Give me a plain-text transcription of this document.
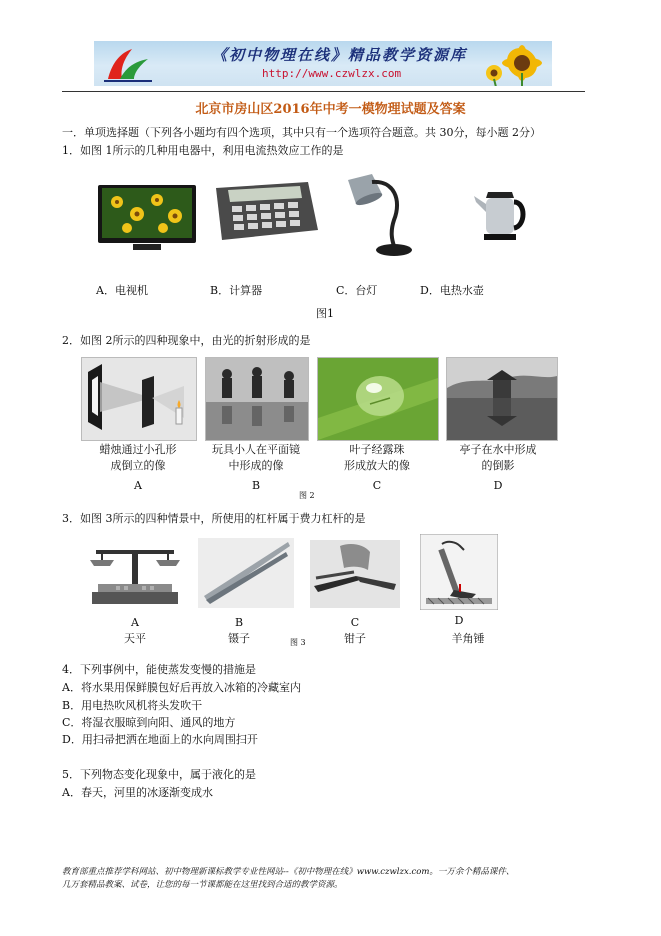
《初中物理在线》精品教学资源库
http://www.czwlzx.com
北京市房山区2016年中考一模物理试题及答案
一．单项选择题（下列各小题均有四个选项，其中只有一个选项符合题意。共 30分，每小题 2分）
1．如图 1所示的几种用电器中，利用电流热效应工作的是
A．电视机	B．计算器	C．台灯	D．电热水壶
图1
2．如图 2所示的四种现象中，由光的折射形成的是
蜡烛通过小孔形
成倒立的像
玩具小人在平面镜
中形成的像
叶子经露珠
形成放大的像
亭子在水中形成
的倒影
A	B	C	D
图 2
3．如图 3所示的四种情景中，所使用的杠杆属于费力杠杆的是
A	B	C	D
天平	镊子	钳子	羊角锤
图 3
4．下列事例中，能使蒸发变慢的措施是
A．将水果用保鲜膜包好后再放入冰箱的冷藏室内
B．用电热吹风机将头发吹干
C．将湿衣服晾到向阳、通风的地方
D．用扫帚把洒在地面上的水向周围扫开
5．下列物态变化现象中，属于液化的是
A．春天，河里的冰逐渐变成水
教育部重点推荐学科网站、初中物理新课标教学专业性网站--《初中物理在线》www.czwlzx.com。一万余个精品课件、
几万套精品教案、试卷，让您的每一节课都能在这里找到合适的教学资源。
